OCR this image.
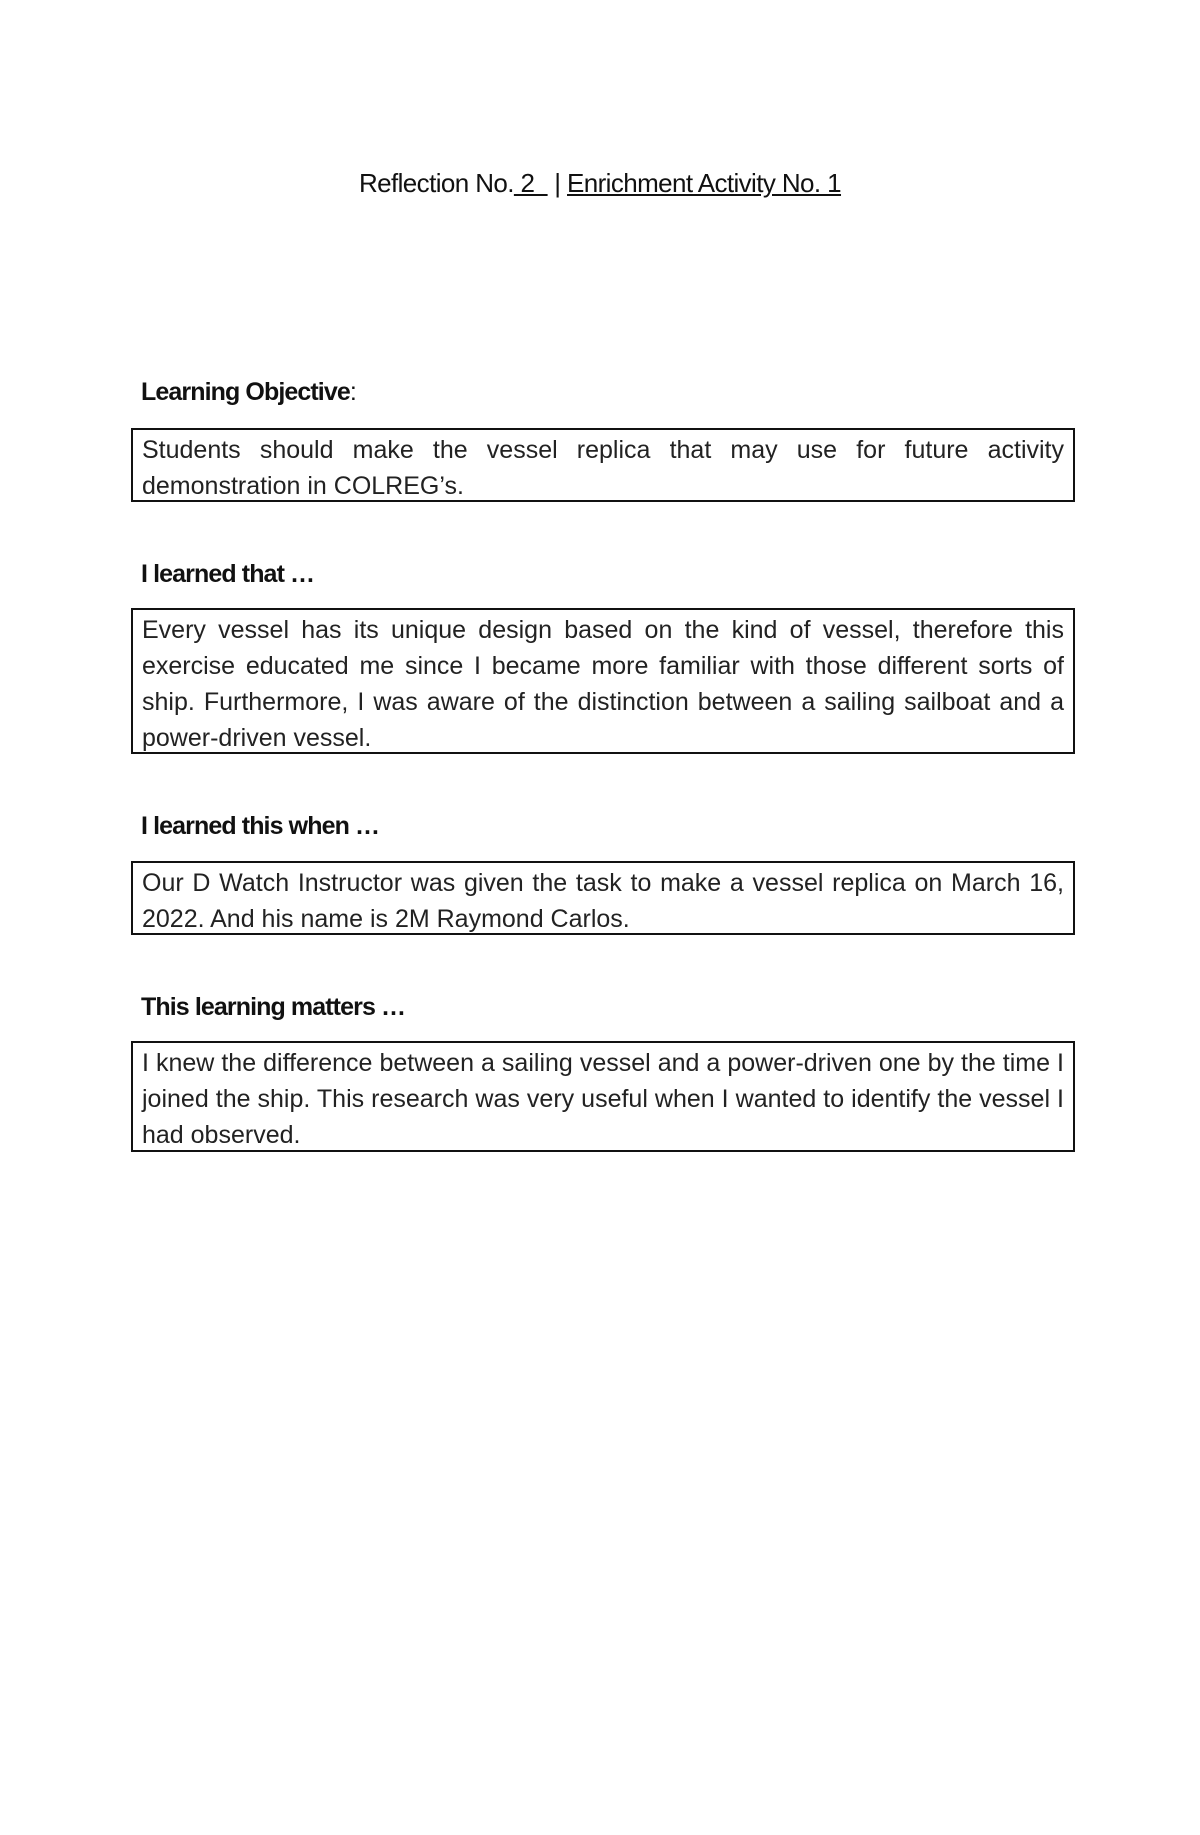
Reflection No. 2   | Enrichment Activity No. 1
Learning Objective:

Students should make the vessel replica that may use for future activity demonstration in COLREG’s.

I learned that …

Every vessel has its unique design based on the kind of vessel, therefore this exercise educated me since I became more familiar with those different sorts of ship. Furthermore, I was aware of the distinction between a sailing sailboat and a power-driven vessel.

I learned this when …

Our D Watch Instructor was given the task to make a vessel replica on March 16, 2022. And his name is 2M Raymond Carlos.

This learning matters …

I knew the difference between a sailing vessel and a power-driven one by the time I joined the ship. This research was very useful when I wanted to identify the vessel I had observed.
